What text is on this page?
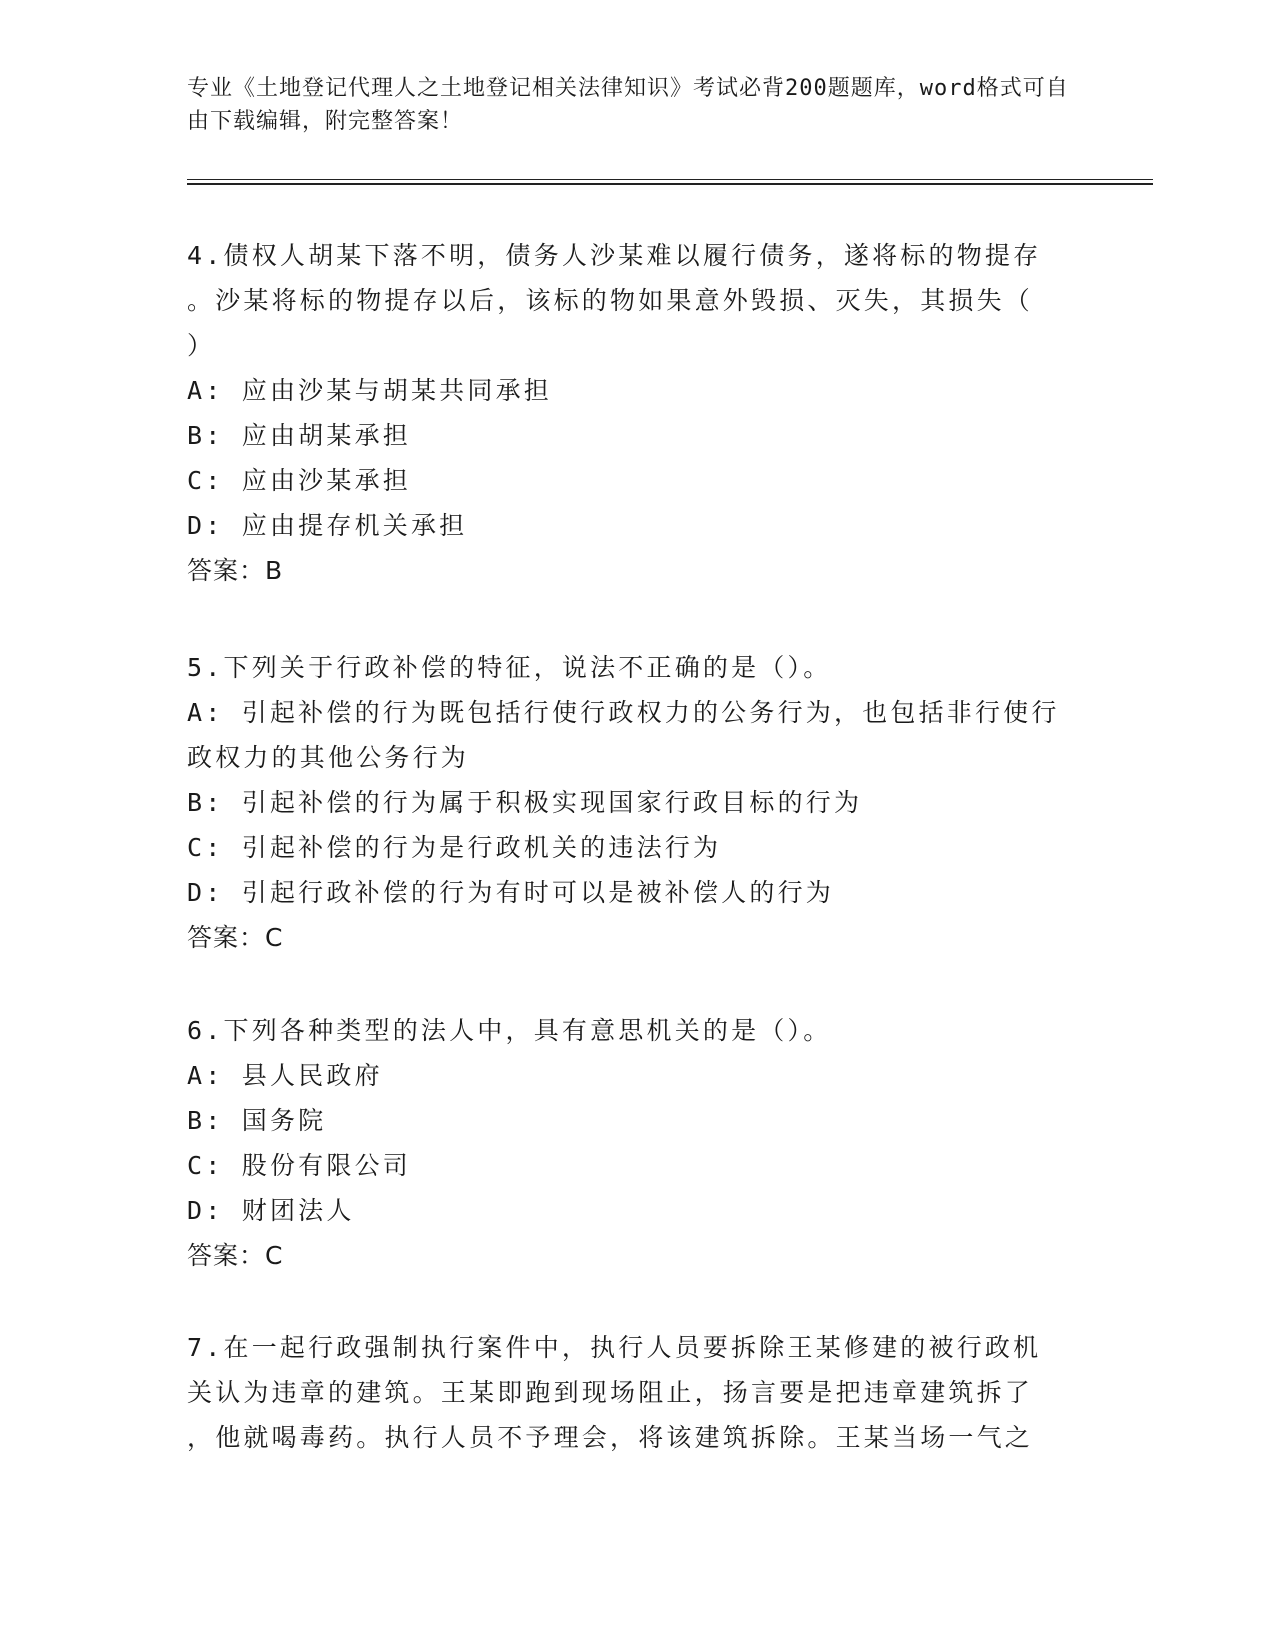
专业《土地登记代理人之土地登记相关法律知识》考试必背200题题库，word格式可自由下载编辑，附完整答案！

4.债权人胡某下落不明，债务人沙某难以履行债务，遂将标的物提存

。沙某将标的物提存以后，该标的物如果意外毁损、灭失，其损失（

）

A: 应由沙某与胡某共同承担

B: 应由胡某承担

C: 应由沙某承担

D: 应由提存机关承担

答案：B

5.下列关于行政补偿的特征，说法不正确的是（）。

A: 引起补偿的行为既包括行使行政权力的公务行为，也包括非行使行

政权力的其他公务行为

B: 引起补偿的行为属于积极实现国家行政目标的行为

C: 引起补偿的行为是行政机关的违法行为

D: 引起行政补偿的行为有时可以是被补偿人的行为

答案：C

6.下列各种类型的法人中，具有意思机关的是（）。

A: 县人民政府

B: 国务院

C: 股份有限公司

D: 财团法人

答案：C

7.在一起行政强制执行案件中，执行人员要拆除王某修建的被行政机

关认为违章的建筑。王某即跑到现场阻止，扬言要是把违章建筑拆了

，他就喝毒药。执行人员不予理会，将该建筑拆除。王某当场一气之
